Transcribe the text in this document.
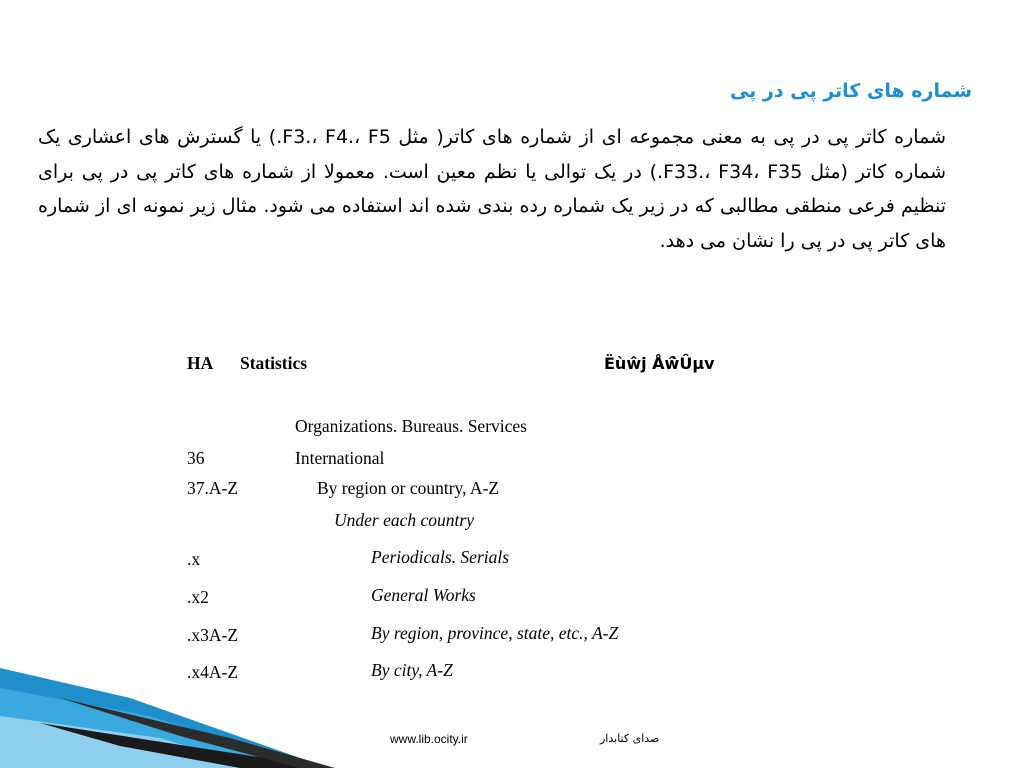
شماره های کاتر پی در پی
شماره کاتر پی در پی به معنی مجموعه ای از شماره های کاتر( مثل F3.، F4.، F5.) یا گسترش های اعشاری یک شماره کاتر (مثل F33.، F34، F35.) در یک توالی یا نظم معین است. معمولا از شماره های کاتر پی در پی برای تنظیم فرعی منطقی مطالبی که در زیر یک شماره رده بندی شده اند استفاده می شود. مثال زیر نمونه ای از شماره های کاتر پی در پی را نشان می دهد.
HA Statistics	Ëùŵj Åŵ̀Ûµv
Organizations. Bureaus. Services
36	International
37.A-Z	By region or country, A-Z
Under each country
.x	Periodicals. Serials
.x2	General Works
.x3A-Z	By region, province, state, etc., A-Z
.x4A-Z	By city, A-Z
www.lib.ocity.ir	صدای کتابدار
